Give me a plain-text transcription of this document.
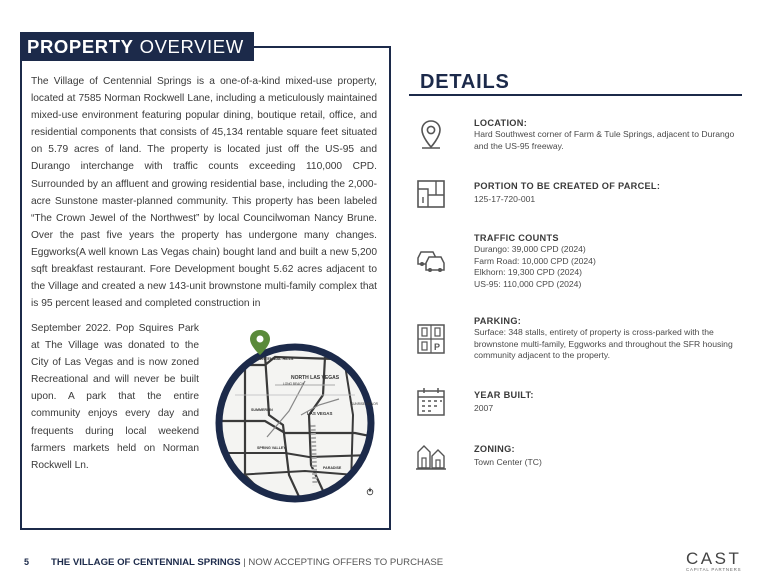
PROPERTY OVERVIEW

The Village of Centennial Springs is a one-of-a-kind mixed-use property, located at 7585 Norman Rockwell Lane, including a meticulously maintained mixed-use environment featuring popular dining, boutique retail, office, and residential components that consists of 45,134 rentable square feet situated on 5.79 acres of land. The property is located just off the US-95 and Durango interchange with traffic counts exceeding 110,000 CPD. Surrounded by an affluent and growing residential base, including the 2,000-acre Sunstone master-planned community. This property has been labeled “The Crown Jewel of the Northwest” by local Councilwoman Nancy Brune. Over the past five years the property has undergone many changes. Eggworks(A well known Las Vegas chain) bought land and built a new 5,200 sqft breakfast restaurant. Fore Development bought 5.62 acres adjacent to the Village and created a new 143-unit brownstone multi-family complex that is 95 percent leased and completed construction in

September 2022. Pop Squires Park at The Village was donated to the City of Las Vegas and is now zoned Recreational and will never be built upon. A park that the entire community enjoys every day and frequents during local weekend farmers markets held on Norman Rockwell Ln.

CENTENNIAL HILLS
NORTH LAS VEGAS
LONG BEACH
SUNRISE MANOR
SUMMERLIN
LAS VEGAS
SPRING VALLEY
PARADISE
DETAILS
LOCATION:
Hard Southwest corner of Farm & Tule Springs, adjacent to Durango and the US-95 freeway.
PORTION TO BE CREATED OF PARCEL:
125-17-720-001
TRAFFIC COUNTS
Durango: 39,000 CPD (2024)
Farm Road: 10,000 CPD (2024)
Elkhorn: 19,300 CPD (2024)
US-95: 110,000 CPD (2024)
P
PARKING:
Surface: 348 stalls, entirety of property is cross-parked with the brownstone multi-family, Eggworks and throughout the SFR housing community adjacent to the property.
YEAR BUILT:
2007
ZONING:
Town Center (TC)
5 THE VILLAGE OF CENTENNIAL SPRINGS | NOW ACCEPTING OFFERS TO PURCHASE	CAST
CAPITAL PARTNERS
